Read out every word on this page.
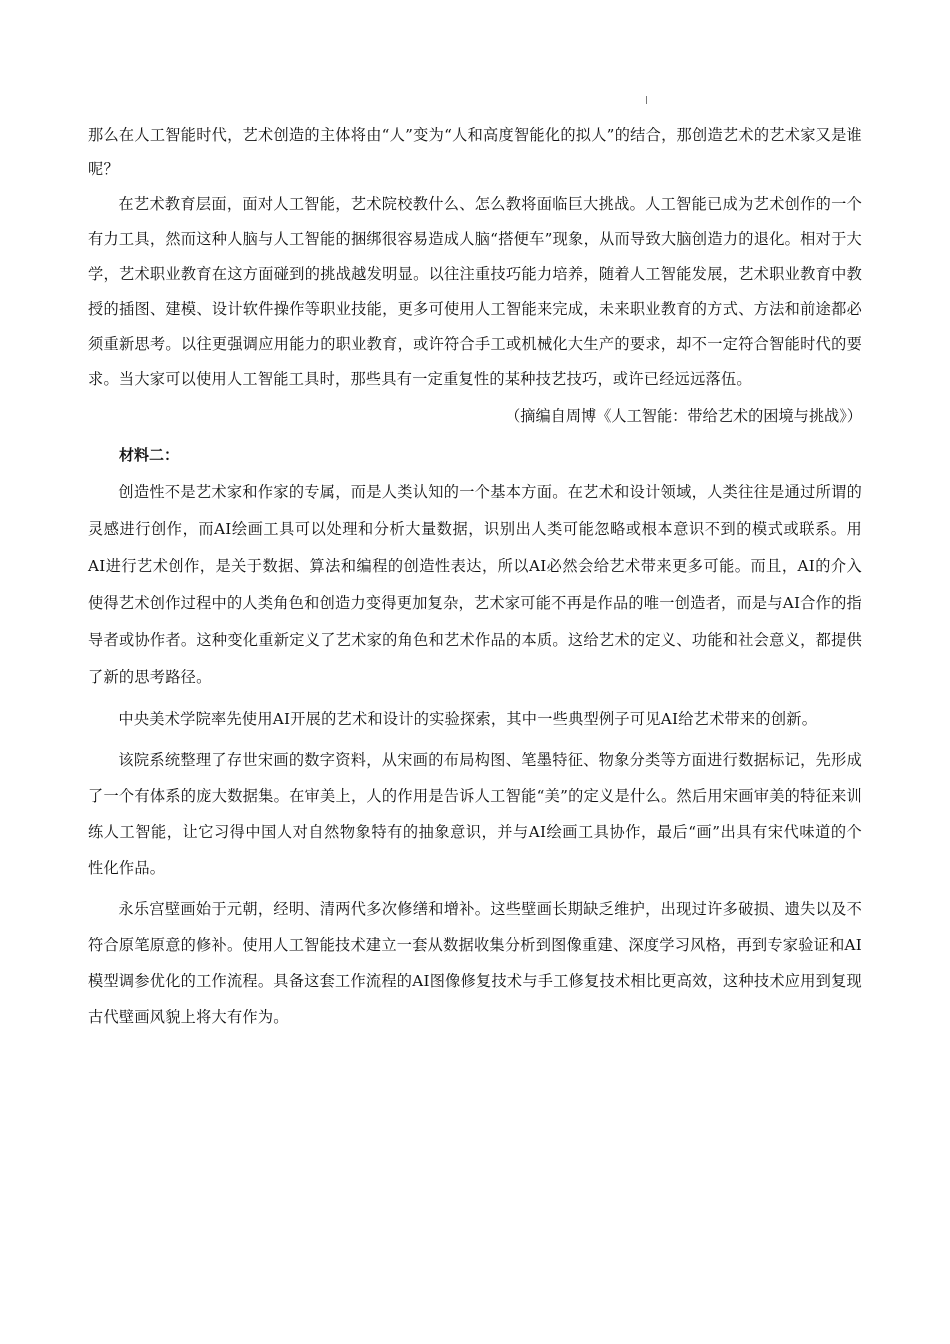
那么在人工智能时代，艺术创造的主体将由“人”变为“人和高度智能化的拟人”的结合，那创造艺术的艺术家又是谁呢？

在艺术教育层面，面对人工智能，艺术院校教什么、怎么教将面临巨大挑战。人工智能已成为艺术创作的一个有力工具，然而这种人脑与人工智能的捆绑很容易造成人脑“搭便车”现象，从而导致大脑创造力的退化。相对于大学，艺术职业教育在这方面碰到的挑战越发明显。以往注重技巧能力培养，随着人工智能发展，艺术职业教育中教授的插图、建模、设计软件操作等职业技能，更多可使用人工智能来完成，未来职业教育的方式、方法和前途都必须重新思考。以往更强调应用能力的职业教育，或许符合手工或机械化大生产的要求，却不一定符合智能时代的要求。当大家可以使用人工智能工具时，那些具有一定重复性的某种技艺技巧，或许已经远远落伍。

（摘编自周博《人工智能：带给艺术的困境与挑战》）

材料二：

创造性不是艺术家和作家的专属，而是人类认知的一个基本方面。在艺术和设计领域，人类往往是通过所谓的灵感进行创作，而AI绘画工具可以处理和分析大量数据，识别出人类可能忽略或根本意识不到的模式或联系。用AI进行艺术创作，是关于数据、算法和编程的创造性表达，所以AI必然会给艺术带来更多可能。而且，AI的介入使得艺术创作过程中的人类角色和创造力变得更加复杂，艺术家可能不再是作品的唯一创造者，而是与AI合作的指导者或协作者。这种变化重新定义了艺术家的角色和艺术作品的本质。这给艺术的定义、功能和社会意义，都提供了新的思考路径。

中央美术学院率先使用AI开展的艺术和设计的实验探索，其中一些典型例子可见AI给艺术带来的创新。

该院系统整理了存世宋画的数字资料，从宋画的布局构图、笔墨特征、物象分类等方面进行数据标记，先形成了一个有体系的庞大数据集。在审美上，人的作用是告诉人工智能“美”的定义是什么。然后用宋画审美的特征来训练人工智能，让它习得中国人对自然物象特有的抽象意识，并与AI绘画工具协作，最后“画”出具有宋代味道的个性化作品。

永乐宫壁画始于元朝，经明、清两代多次修缮和增补。这些壁画长期缺乏维护，出现过许多破损、遗失以及不符合原笔原意的修补。使用人工智能技术建立一套从数据收集分析到图像重建、深度学习风格，再到专家验证和AI模型调参优化的工作流程。具备这套工作流程的AI图像修复技术与手工修复技术相比更高效，这种技术应用到复现古代壁画风貌上将大有作为。
